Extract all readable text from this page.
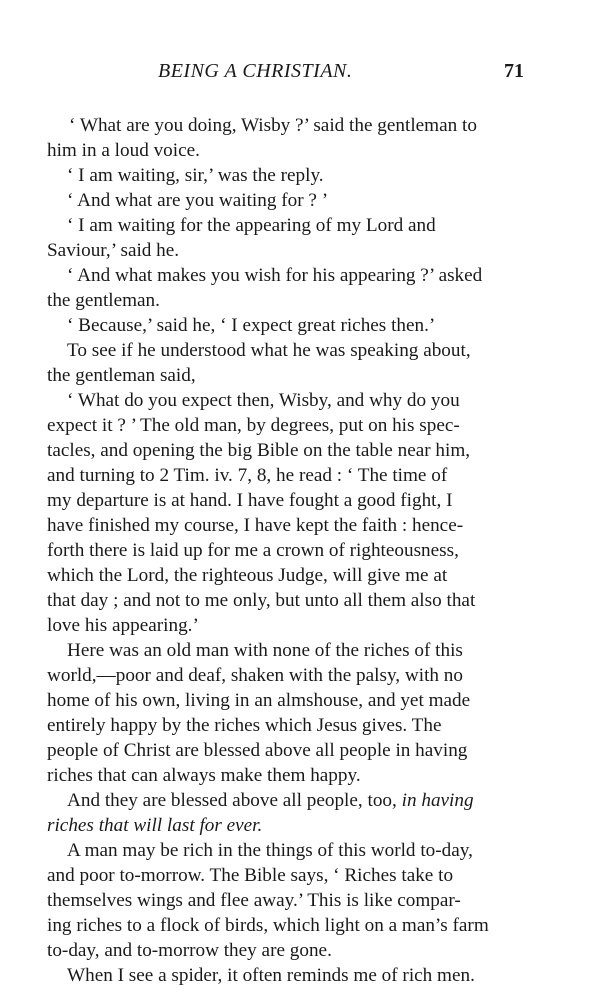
BEING A CHRISTIAN.	71
‘ What are you doing, Wisby ?’ said the gentleman to
him in a loud voice.
‘ I am waiting, sir,’ was the reply.
‘ And what are you waiting for ? ’
‘ I am waiting for the appearing of my Lord and
Saviour,’ said he.
‘ And what makes you wish for his appearing ?’ asked
the gentleman.
‘ Because,’ said he, ‘ I expect great riches then.’
To see if he understood what he was speaking about,
the gentleman said,
‘ What do you expect then, Wisby, and why do you
expect it ? ’ The old man, by degrees, put on his spec-
tacles, and opening the big Bible on the table near him,
and turning to 2 Tim. iv. 7, 8, he read : ‘ The time of
my departure is at hand. I have fought a good fight, I
have finished my course, I have kept the faith : hence-
forth there is laid up for me a crown of righteousness,
which the Lord, the righteous Judge, will give me at
that day ; and not to me only, but unto all them also that
love his appearing.’
Here was an old man with none of the riches of this
world,—poor and deaf, shaken with the palsy, with no
home of his own, living in an almshouse, and yet made
entirely happy by the riches which Jesus gives. The
people of Christ are blessed above all people in having
riches that can always make them happy.
And they are blessed above all people, too, in having
riches that will last for ever.
A man may be rich in the things of this world to-day,
and poor to-morrow. The Bible says, ‘ Riches take to
themselves wings and flee away.’ This is like compar-
ing riches to a flock of birds, which light on a man’s farm
to-day, and to-morrow they are gone.
When I see a spider, it often reminds me of rich men.
